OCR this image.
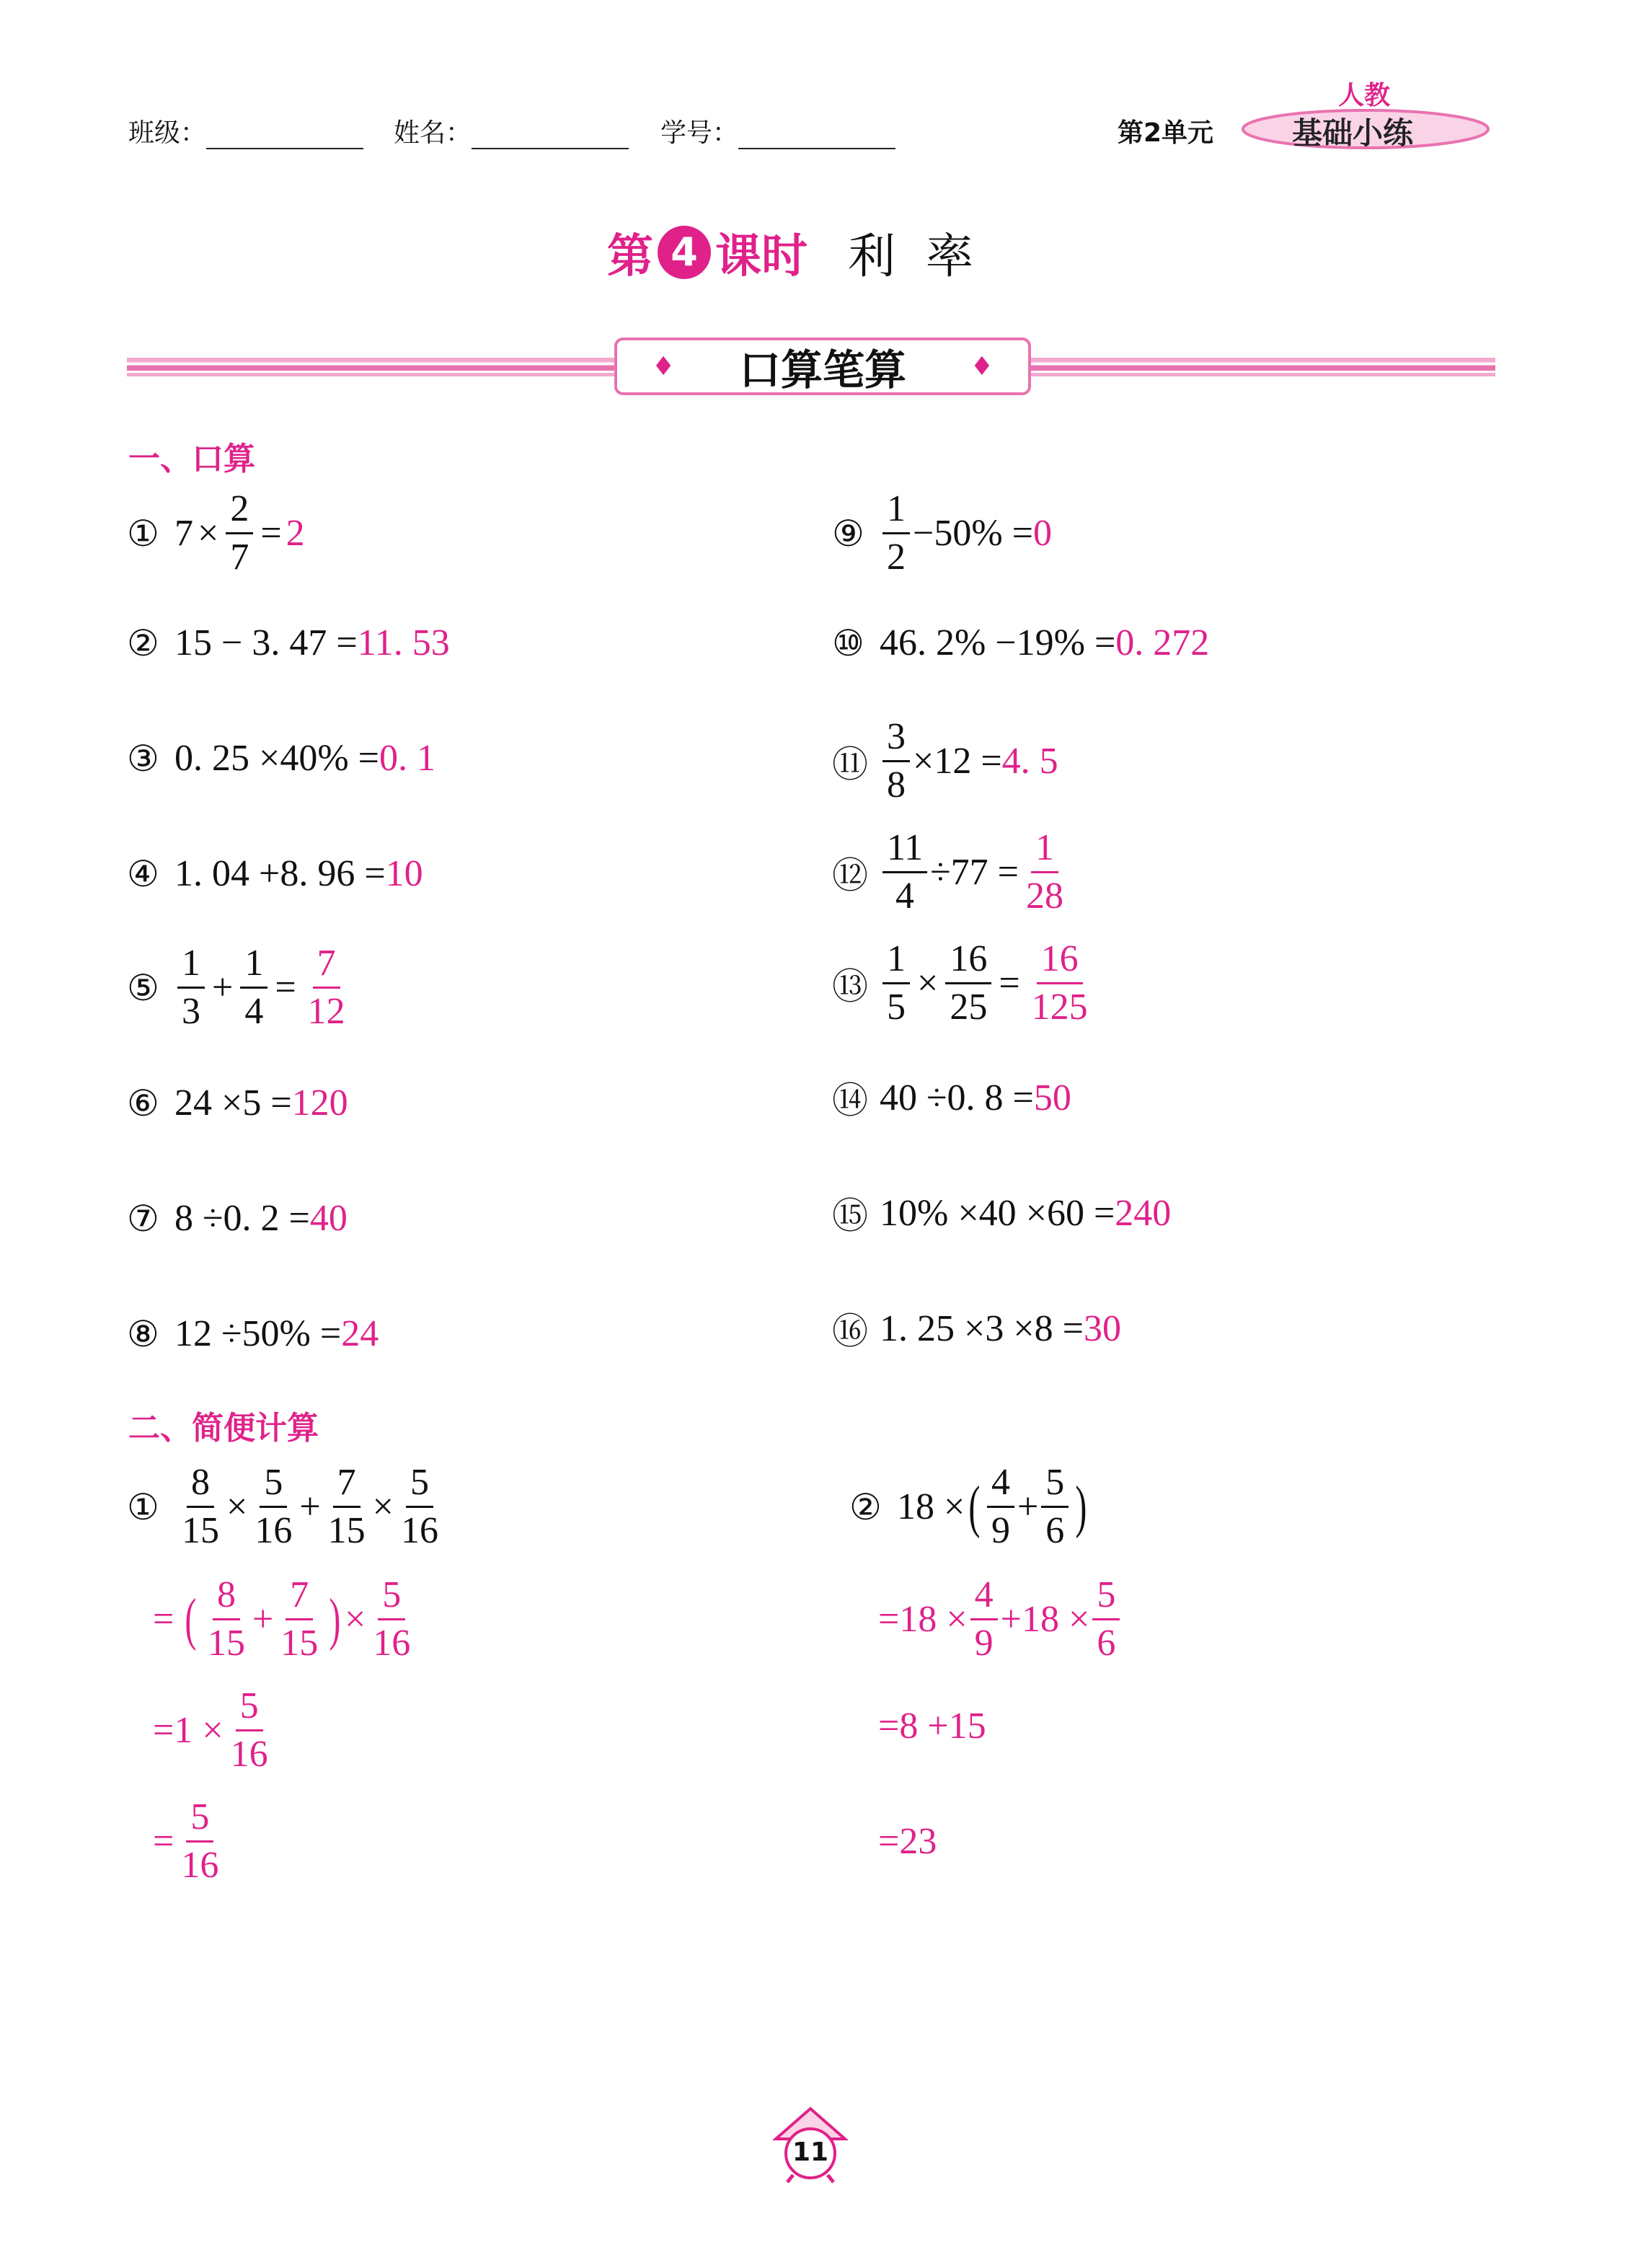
班级：	姓名：	学号：	第2单元	基础小练
人教
第 4 课时 利  率
♦ 口算笔算 ♦
一、口算
① $7 \times \frac{2}{7} = 2$
② 15 − 3. 47 = 11. 53
③ 0. 25 ×40% = 0. 1
④ 1. 04 +8. 96 = 10
⑤ $\frac{1}{3} + \frac{1}{4} = \frac{7}{12}$
⑥ 24 ×5 = 120
⑦ 8 ÷0. 2 = 40
⑧ 12 ÷50% = 24
⑨ $\frac{1}{2} -50\% = 0$
⑩ 46. 2% −19% = 0. 272
⑪ $\frac{3}{8} \times 12 = 4$. 5
⑫ $\frac{11}{4} \div 77 = \frac{1}{28}$
⑬ $\frac{1}{5} \times \frac{16}{25} = \frac{16}{125}$
⑭ 40 ÷0. 8 = 50
⑮ 10% ×40 ×60 = 240
⑯ 1. 25 ×3 ×8 = 30
二、简便计算
① $\frac{8}{15} \times \frac{5}{16} + \frac{7}{15} \times \frac{5}{16}$
= ( $\frac{8}{15} + \frac{7}{15}$ ) × $\frac{5}{16}$
$=1 \times \frac{5}{16}$
= $\frac{5}{16}$
② 18 × ( $\frac{4}{9} + \frac{5}{6}$ )
$=18 \times \frac{4}{9} +18 \times \frac{5}{6}$
=8 +15
=23
11
